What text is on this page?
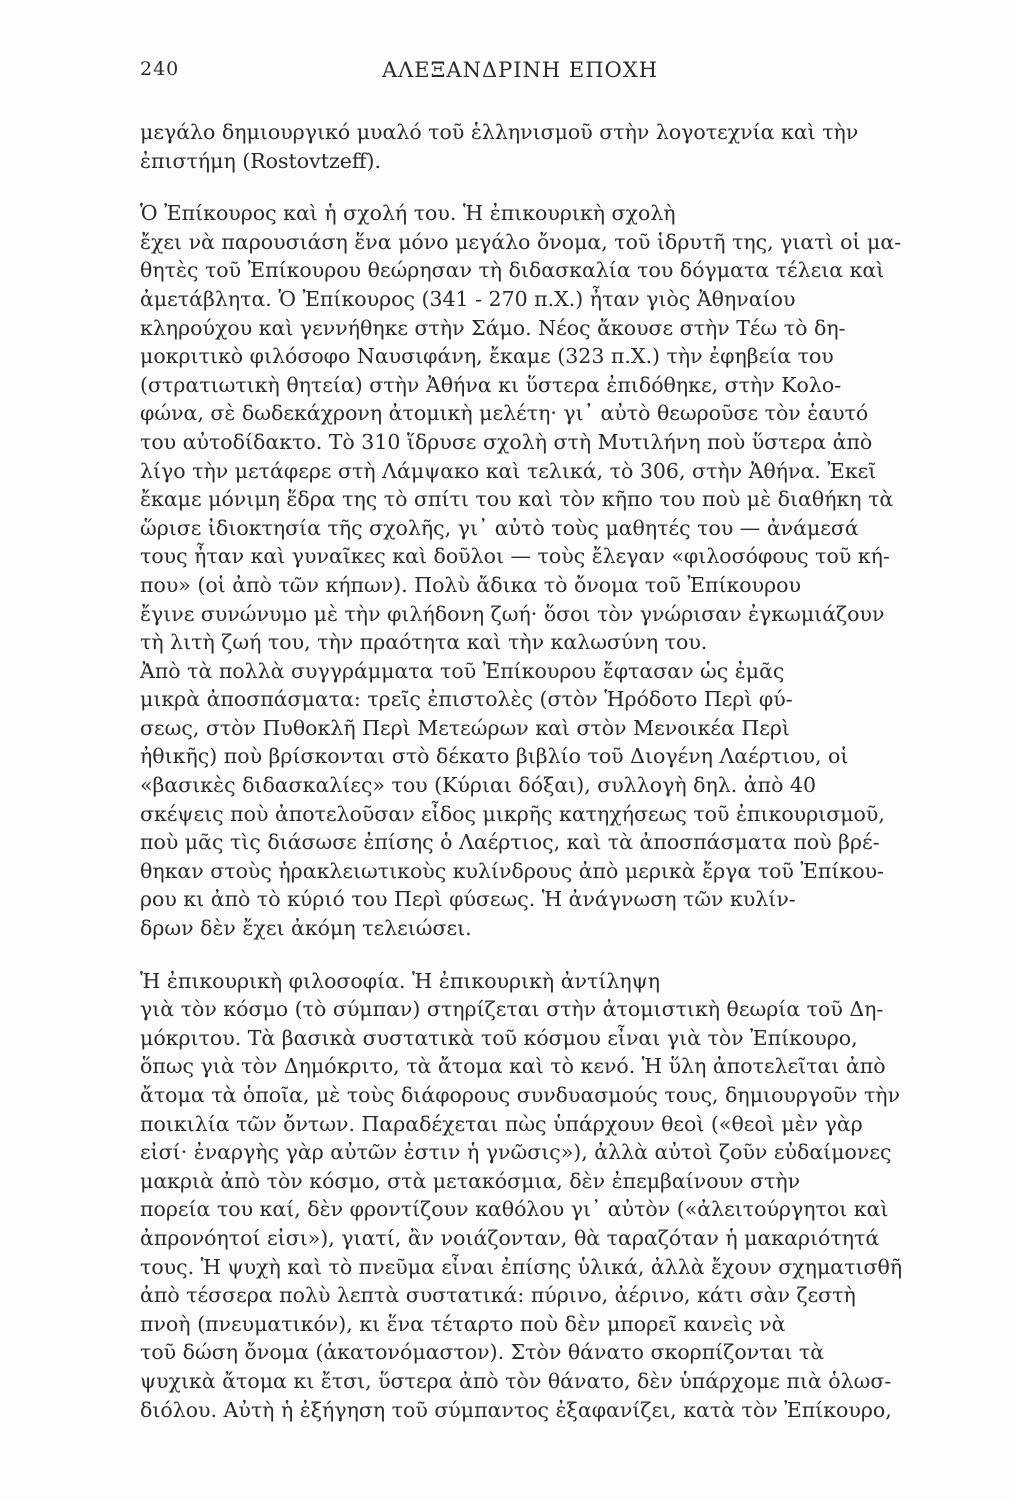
240	ΑΛΕΞΑΝΔΡΙΝΗ ΕΠΟΧΗ
μεγάλο δημιουργικό μυαλό τοῦ ἑλληνισμοῦ στὴν λογοτεχνία καὶ τὴν
ἐπιστήμη (Rostovtzeff).
Ὁ Ἐπίκουρος καὶ ἡ σχολή του. Ἡ ἐπικουρικὴ σχολὴ
ἔχει νὰ παρουσιάση ἕνα μόνο μεγάλο ὄνομα, τοῦ ἱδρυτῆ της, γιατὶ οἱ μα-
θητὲς τοῦ Ἐπίκουρου θεώρησαν τὴ διδασκαλία του δόγματα τέλεια καὶ
ἀμετάβλητα. Ὁ Ἐπίκουρος (341 - 270 π.Χ.) ἦταν γιὸς Ἀθηναίου
κληρούχου καὶ γεννήθηκε στὴν Σάμο. Νέος ἄκουσε στὴν Τέω τὸ δη-
μοκριτικὸ φιλόσοφο Ναυσιφάνη, ἔκαμε (323 π.Χ.) τὴν ἐφηβεία του
(στρατιωτικὴ θητεία) στὴν Ἀθήνα κι ὕστερα ἐπιδόθηκε, στὴν Κολο-
φώνα, σὲ δωδεκάχρονη ἀτομικὴ μελέτη· γι᾽ αὐτὸ θεωροῦσε τὸν ἑαυτό
του αὐτοδίδακτο. Τὸ 310 ἵδρυσε σχολὴ στὴ Μυτιλήνη ποὺ ὕστερα ἀπὸ
λίγο τὴν μετάφερε στὴ Λάμψακο καὶ τελικά, τὸ 306, στὴν Ἀθήνα. Ἐκεῖ
ἔκαμε μόνιμη ἕδρα της τὸ σπίτι του καὶ τὸν κῆπο του ποὺ μὲ διαθήκη τὰ
ὥρισε ἰδιοκτησία τῆς σχολῆς, γι᾽ αὐτὸ τοὺς μαθητές του — ἀνάμεσά
τους ἦταν καὶ γυναῖκες καὶ δοῦλοι — τοὺς ἔλεγαν «φιλοσόφους τοῦ κή-
που» (οἱ ἀπὸ τῶν κήπων). Πολὺ ἄδικα τὸ ὄνομα τοῦ Ἐπίκουρου
ἔγινε συνώνυμο μὲ τὴν φιλήδονη ζωή· ὅσοι τὸν γνώρισαν ἐγκωμιάζουν
τὴ λιτὴ ζωή του, τὴν πραότητα καὶ τὴν καλωσύνη του.
Ἀπὸ τὰ πολλὰ συγγράμματα τοῦ Ἐπίκουρου ἔφτασαν ὡς ἐμᾶς
μικρὰ ἀποσπάσματα: τρεῖς ἐπιστολὲς (στὸν Ἡρόδοτο Περὶ φύ-
σεως, στὸν Πυθοκλῆ Περὶ Μετεώρων καὶ στὸν Μενοικέα Περὶ
ἠθικῆς) ποὺ βρίσκονται στὸ δέκατο βιβλίο τοῦ Διογένη Λαέρτιου, οἱ
«βασικὲς διδασκαλίες» του (Κύριαι δόξαι), συλλογὴ δηλ. ἀπὸ 40
σκέψεις ποὺ ἀποτελοῦσαν εἶδος μικρῆς κατηχήσεως τοῦ ἐπικουρισμοῦ,
ποὺ μᾶς τὶς διάσωσε ἐπίσης ὁ Λαέρτιος, καὶ τὰ ἀποσπάσματα ποὺ βρέ-
θηκαν στοὺς ἡρακλειωτικοὺς κυλίνδρους ἀπὸ μερικὰ ἔργα τοῦ Ἐπίκου-
ρου κι ἀπὸ τὸ κύριό του Περὶ φύσεως. Ἡ ἀνάγνωση τῶν κυλίν-
δρων δὲν ἔχει ἀκόμη τελειώσει.
Ἡ ἐπικουρικὴ φιλοσοφία. Ἡ ἐπικουρικὴ ἀντίληψη
γιὰ τὸν κόσμο (τὸ σύμπαν) στηρίζεται στὴν ἀτομιστικὴ θεωρία τοῦ Δη-
μόκριτου. Τὰ βασικὰ συστατικὰ τοῦ κόσμου εἶναι γιὰ τὸν Ἐπίκουρο,
ὅπως γιὰ τὸν Δημόκριτο, τὰ ἄτομα καὶ τὸ κενό. Ἡ ὕλη ἀποτελεῖται ἀπὸ
ἄτομα τὰ ὁποῖα, μὲ τοὺς διάφορους συνδυασμούς τους, δημιουργοῦν τὴν
ποικιλία τῶν ὄντων. Παραδέχεται πὼς ὑπάρχουν θεοὶ («θεοὶ μὲν γὰρ
εἰσί· ἐναργὴς γὰρ αὐτῶν ἐστιν ἡ γνῶσις»), ἀλλὰ αὐτοὶ ζοῦν εὐδαίμονες
μακριὰ ἀπὸ τὸν κόσμο, στὰ μετακόσμια, δὲν ἐπεμβαίνουν στὴν
πορεία του καί, δὲν φροντίζουν καθόλου γι᾽ αὐτὸν («ἀλειτούργητοι καὶ
ἀπρονόητοί εἰσι»), γιατί, ἂν νοιάζονταν, θὰ ταραζόταν ἡ μακαριότητά
τους. Ἡ ψυχὴ καὶ τὸ πνεῦμα εἶναι ἐπίσης ὑλικά, ἀλλὰ ἔχουν σχηματισθῆ
ἀπὸ τέσσερα πολὺ λεπτὰ συστατικά: πύρινο, ἀέρινο, κάτι σὰν ζεστὴ
πνοὴ (πνευματικόν), κι ἕνα τέταρτο ποὺ δὲν μπορεῖ κανεὶς νὰ
τοῦ δώση ὄνομα (ἀκατονόμαστον). Στὸν θάνατο σκορπίζονται τὰ
ψυχικὰ ἄτομα κι ἔτσι, ὕστερα ἀπὸ τὸν θάνατο, δὲν ὑπάρχομε πιὰ ὁλωσ-
διόλου. Αὐτὴ ἡ ἐξήγηση τοῦ σύμπαντος ἐξαφανίζει, κατὰ τὸν Ἐπίκουρο,
